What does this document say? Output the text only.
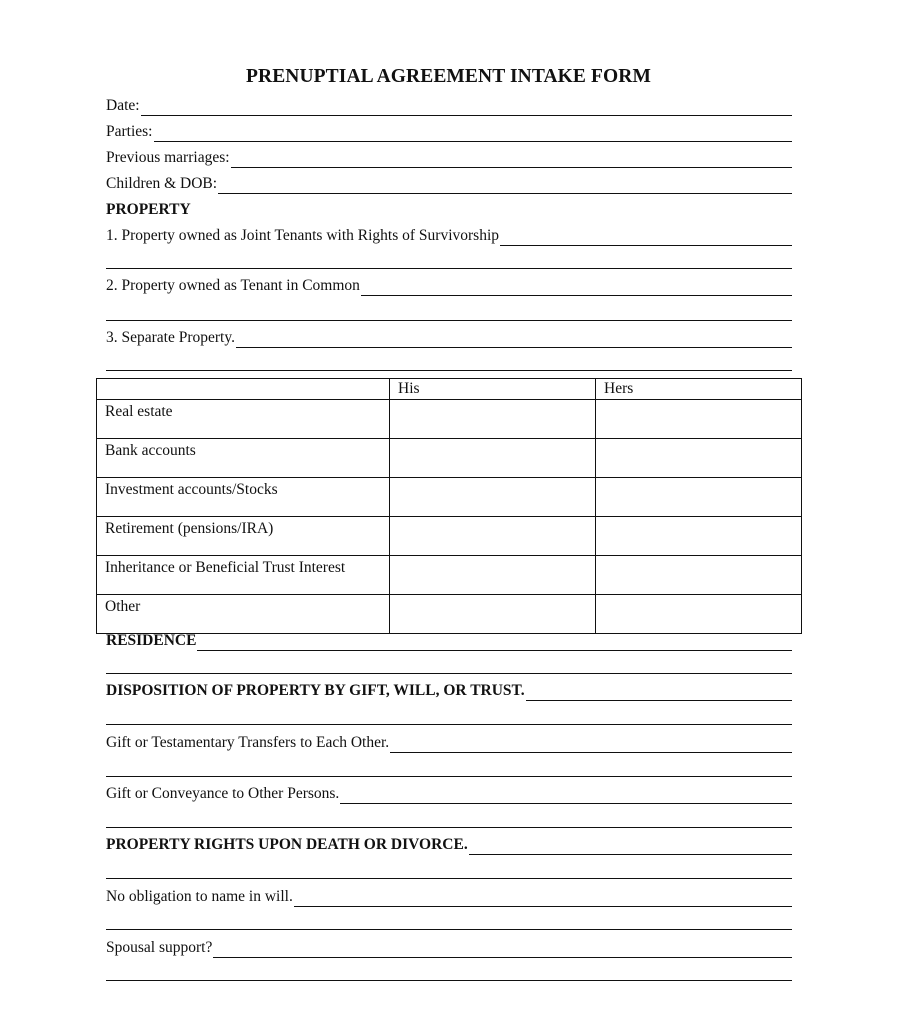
PRENUPTIAL AGREEMENT INTAKE FORM
Date:
Parties:
Previous marriages:
Children & DOB:
PROPERTY
1. Property owned as Joint Tenants with Rights of Survivorship
2. Property owned as Tenant in Common
3. Separate Property.
	His	Hers
Real estate		
Bank accounts		
Investment accounts/Stocks		
Retirement (pensions/IRA)		
Inheritance or Beneficial Trust Interest		
Other		
RESIDENCE
DISPOSITION OF PROPERTY BY GIFT, WILL, OR TRUST.
Gift or Testamentary Transfers to Each Other.
Gift or Conveyance to Other Persons.
PROPERTY RIGHTS UPON DEATH OR DIVORCE.
No obligation to name in will.
Spousal support?
